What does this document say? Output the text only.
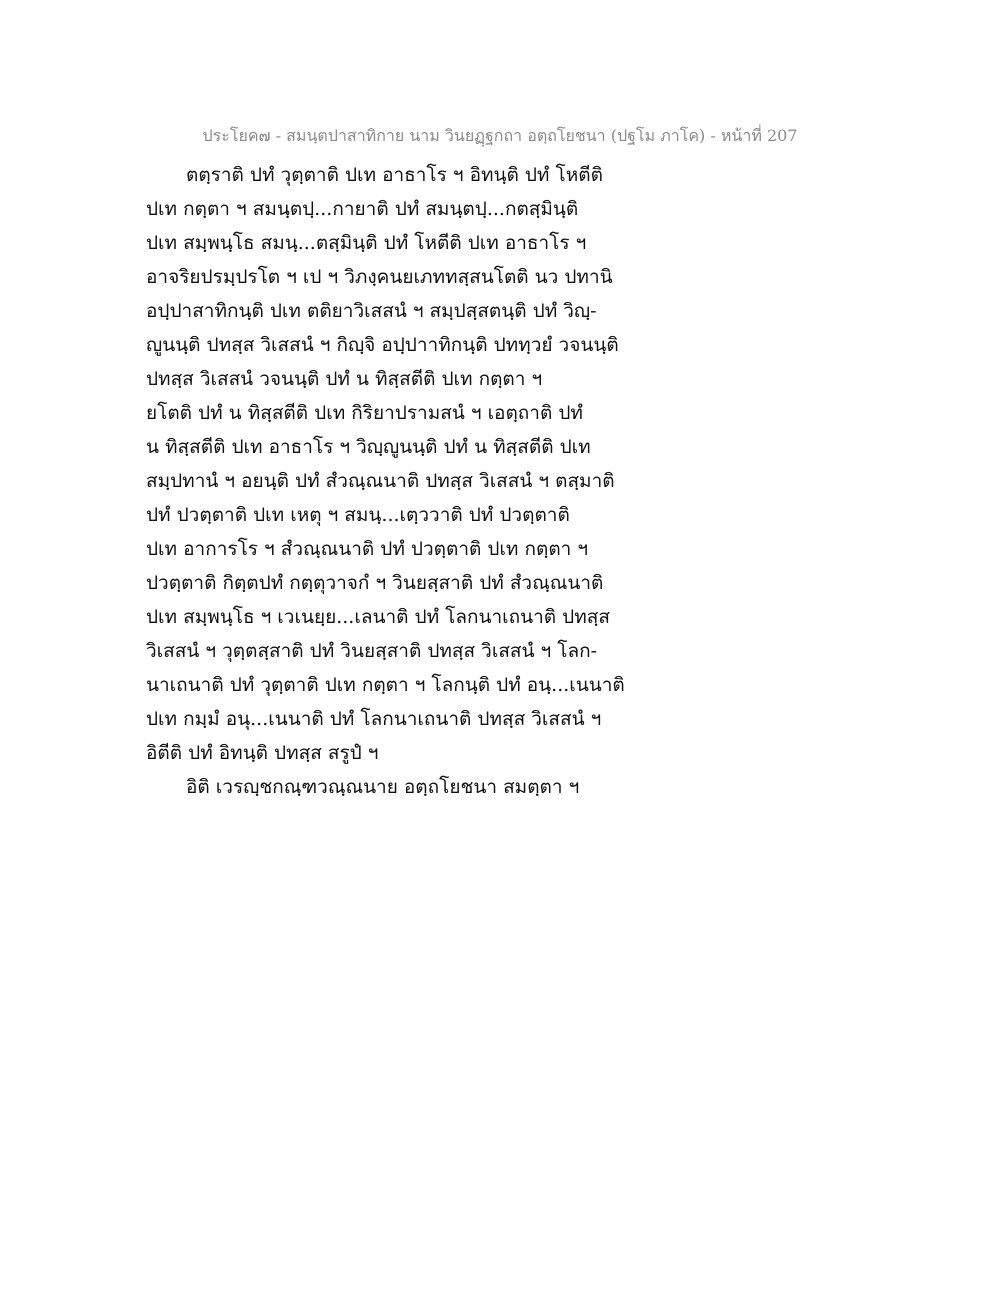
ประโยค๗ - สมนฺตปาสาทิกาย นาม วินยฏฺฐกถา อตฺถโยชนา (ปฐโม ภาโค) - หน้าที่ 207
ตตฺราติ ปทํ วุตฺตาติ ปเท อาธาโร ฯ อิทนฺติ ปทํ โหตีติ
ปเท กตฺตา ฯ สมนฺตปฺ...กายาติ ปทํ สมนฺตปฺ...กตสฺมินฺติ
ปเท สมฺพนฺโธ สมนฺ...ตสฺมินฺติ ปทํ โหตีติ ปเท อาธาโร ฯ
อาจริยปรมฺปรโต ฯ เป ฯ วิภงฺคนยเภททสฺสนโตติ นว ปทานิ
อปฺปาสาทิกนฺติ ปเท ตติยาวิเสสนํ ฯ สมฺปสฺสตนฺติ ปทํ วิญฺ-
ญูนนฺติ ปทสฺส วิเสสนํ ฯ กิญฺจิ อปฺปาาทิกนฺติ ปททฺวยํ วจนนฺติ
ปทสฺส วิเสสนํ วจนนฺติ ปทํ น ทิสฺสตีติ ปเท กตฺตา ฯ
ยโตติ ปทํ น ทิสฺสตีติ ปเท กิริยาปรามสนํ ฯ เอตฺถาติ ปทํ
น ทิสฺสตีติ ปเท อาธาโร ฯ วิญฺญูนนฺติ ปทํ น ทิสฺสตีติ ปเท
สมฺปทานํ ฯ อยนฺติ ปทํ สํวณฺณนาติ ปทสฺส วิเสสนํ ฯ ตสฺมาติ
ปทํ ปวตฺตาติ ปเท เหตุ ฯ สมนฺ...เตฺววาติ ปทํ ปวตฺตาติ
ปเท อาการโร ฯ สํวณฺณนาติ ปทํ ปวตฺตาติ ปเท กตฺตา ฯ
ปวตฺตาติ กิตฺตปทํ กตฺตุวาจกํ ฯ วินยสฺสาติ ปทํ สํวณฺณนาติ
ปเท สมฺพนฺโธ ฯ เวเนยฺย...เลนาติ ปทํ โลกนาเถนาติ ปทสฺส
วิเสสนํ ฯ วุตฺตสฺสาติ ปทํ วินยสฺสาติ ปทสฺส วิเสสนํ ฯ โลก-
นาเถนาติ ปทํ วุตฺตาติ ปเท กตฺตา ฯ โลกนฺติ ปทํ อนฺ...เนนาติ
ปเท กมฺมํ อนุ...เนนาติ ปทํ โลกนาเถนาติ ปทสฺส วิเสสนํ ฯ
อิตีติ ปทํ อิทนฺติ ปทสฺส สรูปํ ฯ
อิติ เวรญฺชกณฺฑวณฺณนาย อตฺถโยชนา สมตฺตา ฯ
